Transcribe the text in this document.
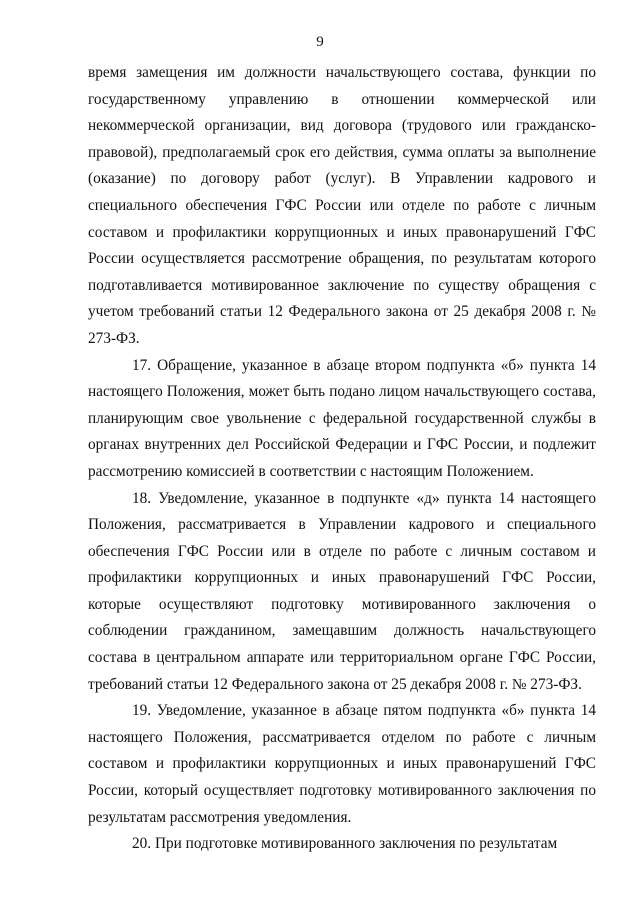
9

время замещения им должности начальствующего состава, функции по государственному управлению в отношении коммерческой или некоммерческой организации, вид договора (трудового или гражданско-правовой), предполагаемый срок его действия, сумма оплаты за выполнение (оказание) по договору работ (услуг). В Управлении кадрового и специального обеспечения ГФС России или отделе по работе с личным составом и профилактики коррупционных и иных правонарушений ГФС России осуществляется рассмотрение обращения, по результатам которого подготавливается мотивированное заключение по существу обращения с учетом требований статьи 12 Федерального закона от 25 декабря 2008 г. № 273-ФЗ.

17. Обращение, указанное в абзаце втором подпункта «б» пункта 14 настоящего Положения, может быть подано лицом начальствующего состава, планирующим свое увольнение с федеральной государственной службы в органах внутренних дел Российской Федерации и ГФС России, и подлежит рассмотрению комиссией в соответствии с настоящим Положением.

18. Уведомление, указанное в подпункте «д» пункта 14 настоящего Положения, рассматривается в Управлении кадрового и специального обеспечения ГФС России или в отделе по работе с личным составом и профилактики коррупционных и иных правонарушений ГФС России, которые осуществляют подготовку мотивированного заключения о соблюдении гражданином, замещавшим должность начальствующего состава в центральном аппарате или территориальном органе ГФС России, требований статьи 12 Федерального закона от 25 декабря 2008 г. № 273-ФЗ.

19. Уведомление, указанное в абзаце пятом подпункта «б» пункта 14 настоящего Положения, рассматривается отделом по работе с личным составом и профилактики коррупционных и иных правонарушений ГФС России, который осуществляет подготовку мотивированного заключения по результатам рассмотрения уведомления.

20. При подготовке мотивированного заключения по результатам
